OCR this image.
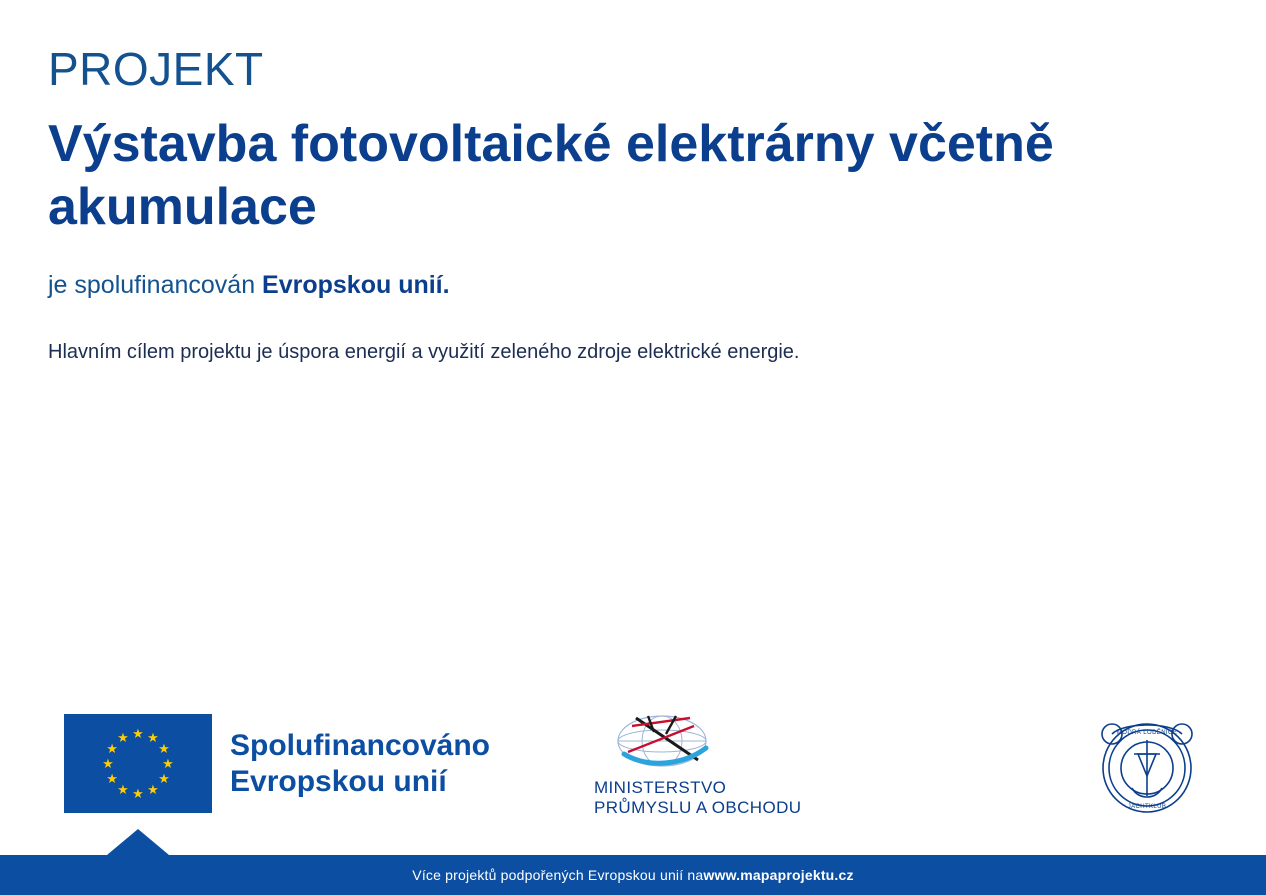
PROJEKT
Výstavba fotovoltaické elektrárny včetně akumulace

je spolufinancován Evropskou unií.

Hlavním cílem projektu je úspora energií a využití zeleného zdroje elektrické energie.

★ ★
★
★
★
★
★
★
★
★
★
★	Spolufinancováno
Evropskou unií	MINISTERSTVO
PRŮMYSLU A OBCHODU
MODRÁ LODĚNICE
JACHTKLUB
Více projektů podpořených Evropskou unií na www.mapaprojektu.cz
